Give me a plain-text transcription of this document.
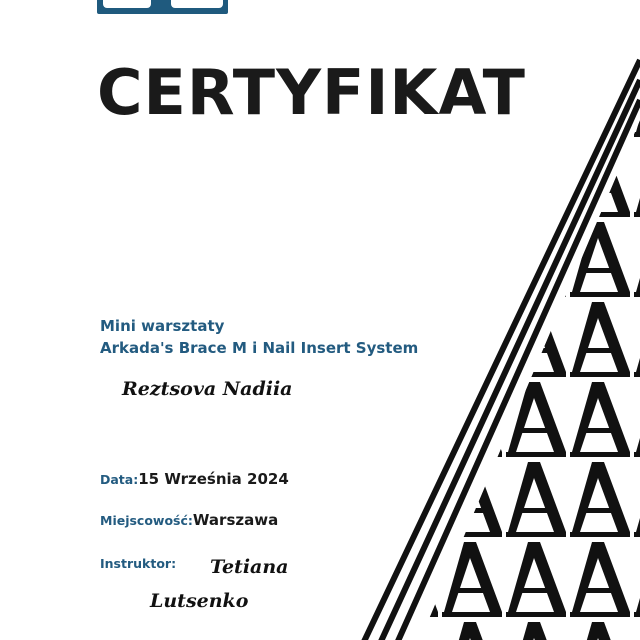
CERTYFIKAT
Mini warsztaty
Arkada's Brace M i Nail Insert System
Reztsova Nadiia
Data:15 Września 2024
Miejscowość:Warszawa
Instruktor:	Tetiana Lutsenko
